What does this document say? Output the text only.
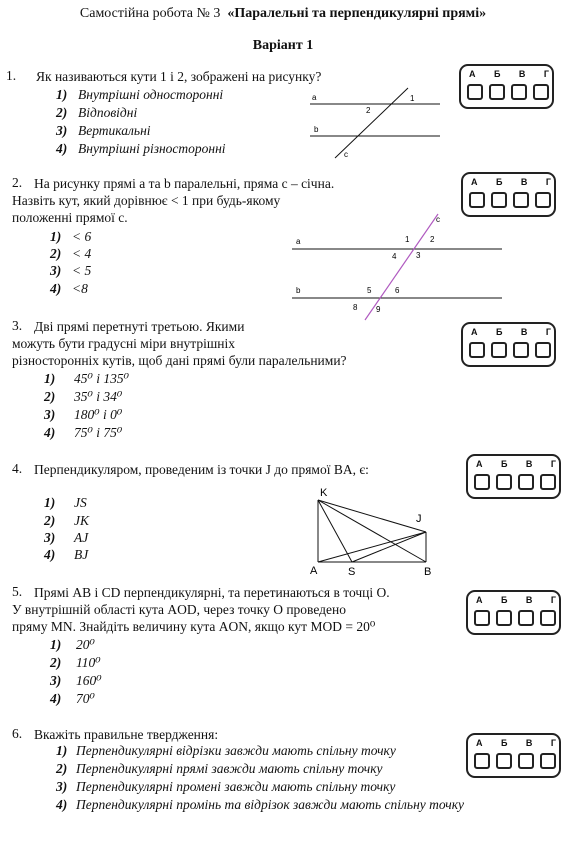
Самостійна робота № 3 «Паралельні та перпендикулярні прямі»
Варіант 1
1. Як називаються кути 1 і 2, зображені на рисунку?
1) Внутрішні односторонні
2) Відповідні
3) Вертикальні
4) Внутрішні різносторонні
a
b
c
1
2
А Б В Г
2. На рисунку прямі a та b паралельні, пряма c – січна.
Назвіть кут, який дорівнює < 1 при будь-якому
положенні прямої c.
1) < 6
2) < 4
3) < 5
4) <8
a
b
c
1	2
3
4
5	6
8 9
А Б В Г
3. Дві прямі перетнуті третьою. Якими
можуть бути градусні міри внутрішніх
різносторонніх кутів, щоб дані прямі були паралельними?
1) 45⁰ і 135⁰
2) 35⁰ і 34⁰
3) 180⁰ і 0⁰
4) 75⁰ і 75⁰
А Б В Г
4. Перпендикуляром, проведеним із точки J до прямої BA, є:
1) JS
2) JK
3) AJ
4) BJ
K
J
A	S	B
А Б В Г
5. Прямі AB і CD перпендикулярні, та перетинаються в точці O.
У внутрішній області кута AOD, через точку O проведено
пряму MN. Знайдіть величину кута AON, якщо кут MOD = 20⁰
1) 20⁰
2) 110⁰
3) 160⁰
4) 70⁰
А Б В Г
6. Вкажіть правильне твердження:
1) Перпендикулярні відрізки завжди мають спільну точку
2) Перпендикулярні прямі завжди мають спільну точку
3) Перпендикулярні промені завжди мають спільну точку
4) Перпендикулярні промінь та відрізок завжди мають спільну точку
А Б В Г
